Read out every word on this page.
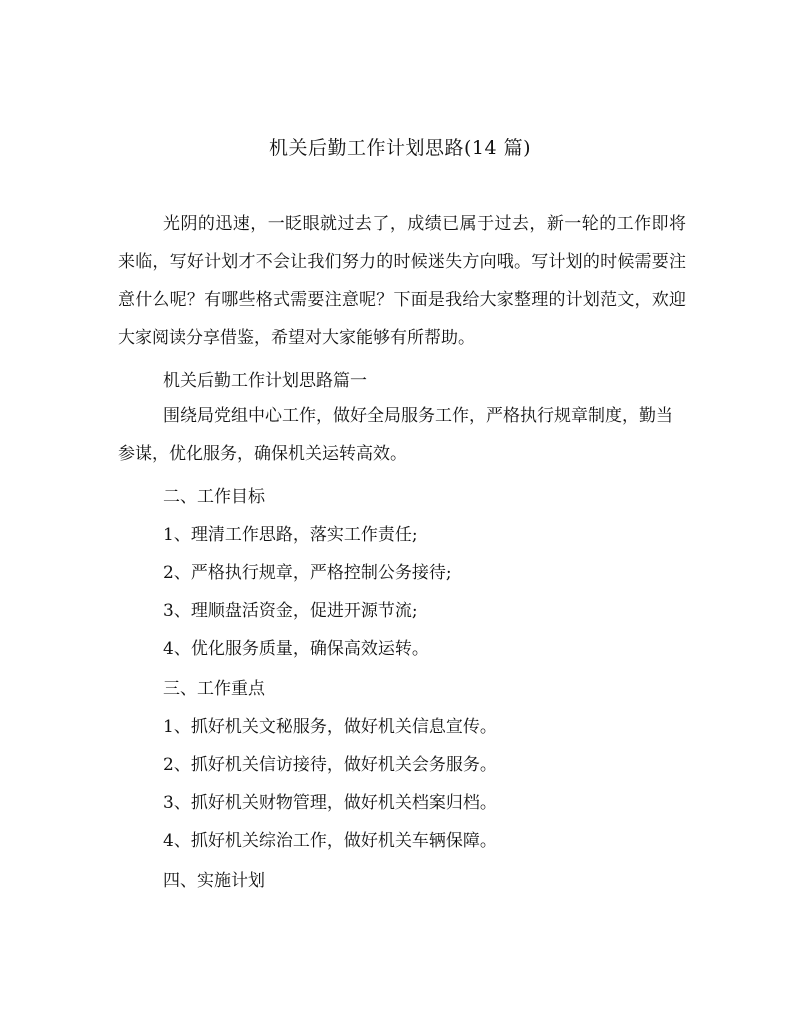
机关后勤工作计划思路(14 篇)

光阴的迅速，一眨眼就过去了，成绩已属于过去，新一轮的工作即将来临，写好计划才不会让我们努力的时候迷失方向哦。写计划的时候需要注意什么呢？有哪些格式需要注意呢？下面是我给大家整理的计划范文，欢迎大家阅读分享借鉴，希望对大家能够有所帮助。

机关后勤工作计划思路篇一

围绕局党组中心工作，做好全局服务工作，严格执行规章制度，勤当参谋，优化服务，确保机关运转高效。

二、工作目标

1、理清工作思路，落实工作责任;

2、严格执行规章，严格控制公务接待;

3、理顺盘活资金，促进开源节流;

4、优化服务质量，确保高效运转。

三、工作重点

1、抓好机关文秘服务，做好机关信息宣传。

2、抓好机关信访接待，做好机关会务服务。

3、抓好机关财物管理，做好机关档案归档。

4、抓好机关综治工作，做好机关车辆保障。

四、实施计划
